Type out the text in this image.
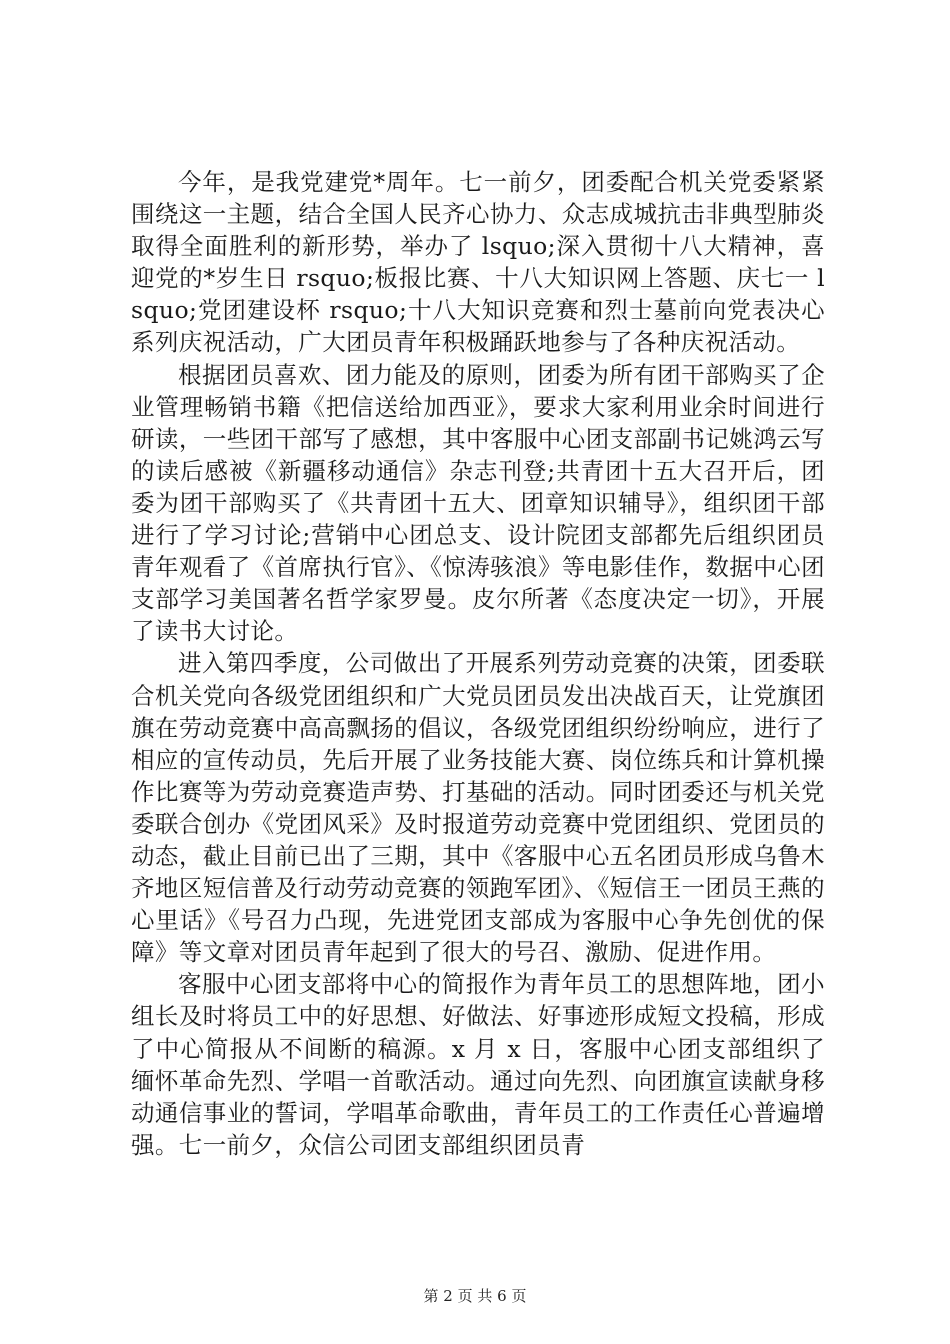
今年，是我党建党*周年。七一前夕，团委配合机关党委紧紧围绕这一主题，结合全国人民齐心协力、众志成城抗击非典型肺炎取得全面胜利的新形势，举办了 lsquo;深入贯彻十八大精神，喜迎党的*岁生日 rsquo;板报比赛、十八大知识网上答题、庆七一 lsquo;党团建设杯 rsquo;十八大知识竞赛和烈士墓前向党表决心系列庆祝活动，广大团员青年积极踊跃地参与了各种庆祝活动。

根据团员喜欢、团力能及的原则，团委为所有团干部购买了企业管理畅销书籍《把信送给加西亚》，要求大家利用业余时间进行研读，一些团干部写了感想，其中客服中心团支部副书记姚鸿云写的读后感被《新疆移动通信》杂志刊登;共青团十五大召开后，团委为团干部购买了《共青团十五大、团章知识辅导》，组织团干部进行了学习讨论;营销中心团总支、设计院团支部都先后组织团员青年观看了《首席执行官》、《惊涛骇浪》等电影佳作，数据中心团支部学习美国著名哲学家罗曼。皮尔所著《态度决定一切》，开展了读书大讨论。

进入第四季度，公司做出了开展系列劳动竞赛的决策，团委联合机关党向各级党团组织和广大党员团员发出决战百天，让党旗团旗在劳动竞赛中高高飘扬的倡议，各级党团组织纷纷响应，进行了相应的宣传动员，先后开展了业务技能大赛、岗位练兵和计算机操作比赛等为劳动竞赛造声势、打基础的活动。同时团委还与机关党委联合创办《党团风采》及时报道劳动竞赛中党团组织、党团员的动态，截止目前已出了三期，其中《客服中心五名团员形成乌鲁木齐地区短信普及行动劳动竞赛的领跑军团》、《短信王一团员王燕的心里话》《号召力凸现，先进党团支部成为客服中心争先创优的保障》等文章对团员青年起到了很大的号召、激励、促进作用。

客服中心团支部将中心的简报作为青年员工的思想阵地，团小组长及时将员工中的好思想、好做法、好事迹形成短文投稿，形成了中心简报从不间断的稿源。x 月 x 日，客服中心团支部组织了缅怀革命先烈、学唱一首歌活动。通过向先烈、向团旗宣读献身移动通信事业的誓词，学唱革命歌曲，青年员工的工作责任心普遍增强。七一前夕，众信公司团支部组织团员青

第 2 页 共 6 页
